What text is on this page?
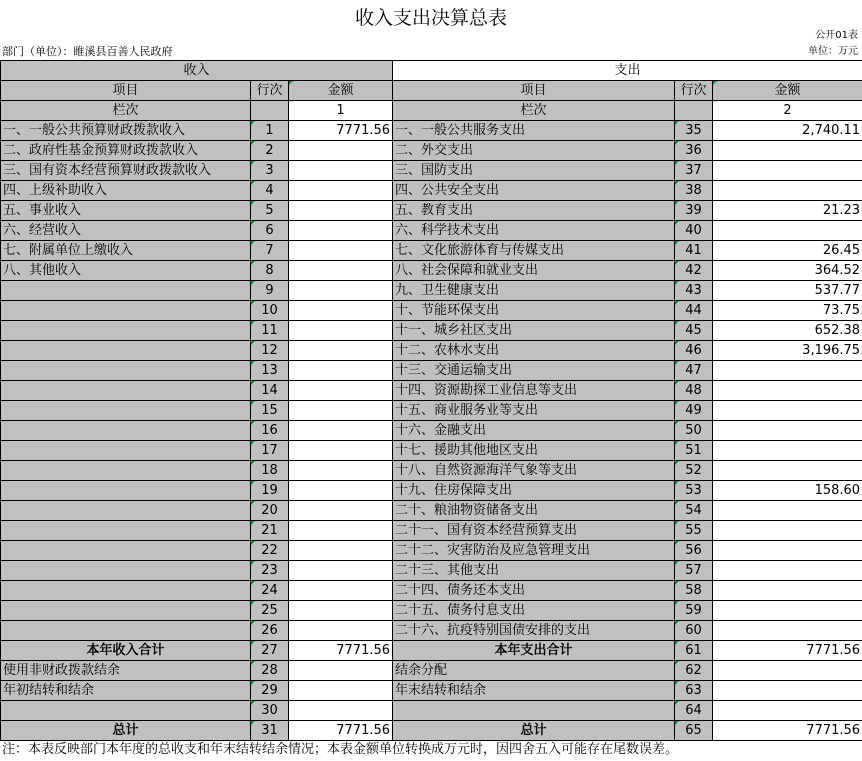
收入支出决算总表
公开01表
部门（单位）：睢溪县百善人民政府	单位：万元
收入			支出		
项目	行次	金额	项目	行次	金额
栏次		1	栏次		2
一、一般公共预算财政拨款收入	1	7771.56	一、一般公共服务支出	35	2,740.11
二、政府性基金预算财政拨款收入	2		二、外交支出	36	
三、国有资本经营预算财政拨款收入	3		三、国防支出	37	
四、上级补助收入	4		四、公共安全支出	38	
五、事业收入	5		五、教育支出	39	21.23
六、经营收入	6		六、科学技术支出	40	
七、附属单位上缴收入	7		七、文化旅游体育与传媒支出	41	26.45
八、其他收入	8		八、社会保障和就业支出	42	364.52
	9		九、卫生健康支出	43	537.77
	10		十、节能环保支出	44	73.75
	11		十一、城乡社区支出	45	652.38
	12		十二、农林水支出	46	3,196.75
	13		十三、交通运输支出	47	
	14		十四、资源勘探工业信息等支出	48	
	15		十五、商业服务业等支出	49	
	16		十六、金融支出	50	
	17		十七、援助其他地区支出	51	
	18		十八、自然资源海洋气象等支出	52	
	19		十九、住房保障支出	53	158.60
	20		二十、粮油物资储备支出	54	
	21		二十一、国有资本经营预算支出	55	
	22		二十二、灾害防治及应急管理支出	56	
	23		二十三、其他支出	57	
	24		二十四、债务还本支出	58	
	25		二十五、债务付息支出	59	
	26		二十六、抗疫特别国债安排的支出	60	
本年收入合计	27	7771.56	本年支出合计	61	7771.56
使用非财政拨款结余	28		结余分配	62	
年初结转和结余	29		年末结转和结余	63	
	30			64	
总计	31	7771.56	总计	65	7771.56
注：本表反映部门本年度的总收支和年末结转结余情况；本表金额单位转换成万元时，因四舍五入可能存在尾数误差。
